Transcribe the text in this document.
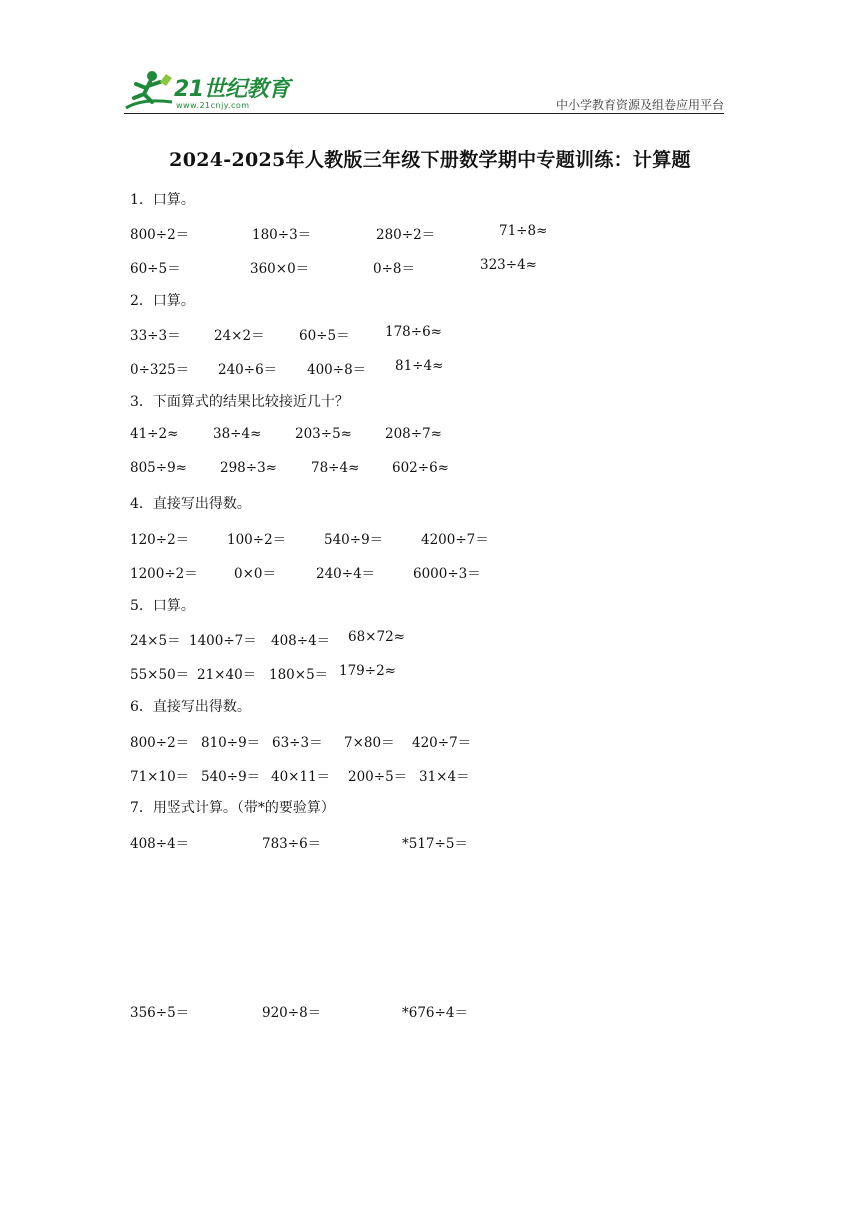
21世纪教育
www.21cnjy.com	中小学教育资源及组卷应用平台
2024-2025年人教版三年级下册数学期中专题训练：计算题
1．口算。
800÷2＝	180÷3＝	280÷2＝	71÷8≈
60÷5＝	360×0＝	0÷8＝	323÷4≈
2．口算。
33÷3＝ 24×2＝	60÷5＝	178÷6≈
0÷325＝ 240÷6＝ 400÷8＝ 81÷4≈
3．下面算式的结果比较接近几十？
41÷2≈	38÷4≈ 203÷5≈ 208÷7≈
805÷9≈ 298÷3≈	78÷4≈ 602÷6≈
4．直接写出得数。
120÷2＝	100÷2＝	540÷9＝	4200÷7＝
1200÷2＝	0×0＝	240÷4＝	6000÷3＝
5．口算。
24×5＝ 1400÷7＝ 408÷4＝ 68×72≈
55×50＝ 21×40＝ 180×5＝ 179÷2≈
6．直接写出得数。
800÷2＝ 810÷9＝ 63÷3＝ 7×80＝ 420÷7＝
71×10＝ 540÷9＝ 40×11＝ 200÷5＝ 31×4＝
7．用竖式计算。（带*的要验算）
408÷4＝	783÷6＝	*517÷5＝
356÷5＝	920÷8＝	*676÷4＝
